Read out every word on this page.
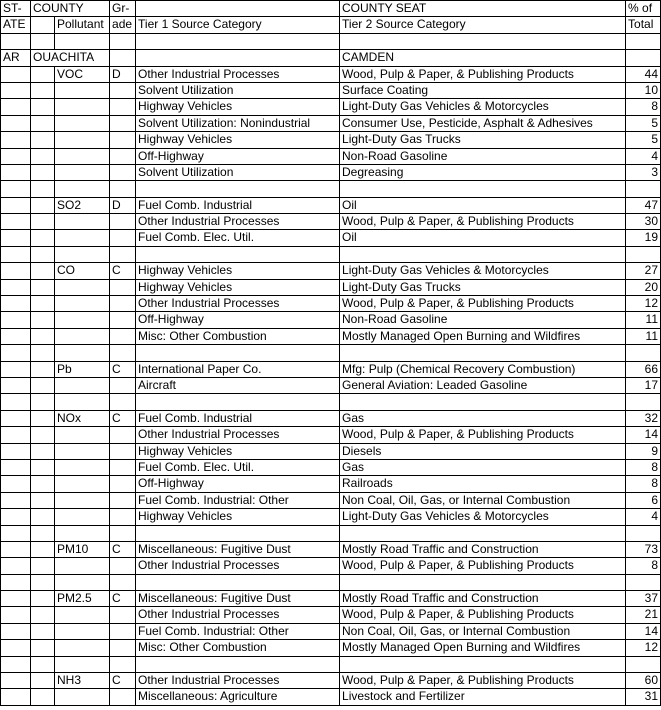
ST-	COUNTY		Gr-		COUNTY SEAT	% of
ATE		Pollutant	ade	Tier 1 Source Category	Tier 2 Source Category	Total

AR	OUACHITA				CAMDEN	
		VOC	D	Other Industrial Processes	Wood, Pulp & Paper, & Publishing Products	44
				Solvent Utilization	Surface Coating	10
				Highway Vehicles	Light-Duty Gas Vehicles & Motorcycles	8
				Solvent Utilization: Nonindustrial	Consumer Use, Pesticide, Asphalt & Adhesives	5
				Highway Vehicles	Light-Duty Gas Trucks	5
				Off-Highway	Non-Road Gasoline	4
				Solvent Utilization	Degreasing	3

		SO2	D	Fuel Comb. Industrial	Oil	47
				Other Industrial Processes	Wood, Pulp & Paper, & Publishing Products	30
				Fuel Comb. Elec. Util.	Oil	19

		CO	C	Highway Vehicles	Light-Duty Gas Vehicles & Motorcycles	27
				Highway Vehicles	Light-Duty Gas Trucks	20
				Other Industrial Processes	Wood, Pulp & Paper, & Publishing Products	12
				Off-Highway	Non-Road Gasoline	11
				Misc: Other Combustion	Mostly Managed Open Burning and Wildfires	11

		Pb	C	International Paper Co.	Mfg: Pulp (Chemical Recovery Combustion)	66
				Aircraft	General Aviation: Leaded Gasoline	17

		NOx	C	Fuel Comb. Industrial	Gas	32
				Other Industrial Processes	Wood, Pulp & Paper, & Publishing Products	14
				Highway Vehicles	Diesels	9
				Fuel Comb. Elec. Util.	Gas	8
				Off-Highway	Railroads	8
				Fuel Comb. Industrial: Other	Non Coal, Oil, Gas, or Internal Combustion	6
				Highway Vehicles	Light-Duty Gas Vehicles & Motorcycles	4

		PM10	C	Miscellaneous: Fugitive Dust	Mostly Road Traffic and Construction	73
				Other Industrial Processes	Wood, Pulp & Paper, & Publishing Products	8

		PM2.5	C	Miscellaneous: Fugitive Dust	Mostly Road Traffic and Construction	37
				Other Industrial Processes	Wood, Pulp & Paper, & Publishing Products	21
				Fuel Comb. Industrial: Other	Non Coal, Oil, Gas, or Internal Combustion	14
				Misc: Other Combustion	Mostly Managed Open Burning and Wildfires	12

		NH3	C	Other Industrial Processes	Wood, Pulp & Paper, & Publishing Products	60
				Miscellaneous: Agriculture	Livestock and Fertilizer	31
